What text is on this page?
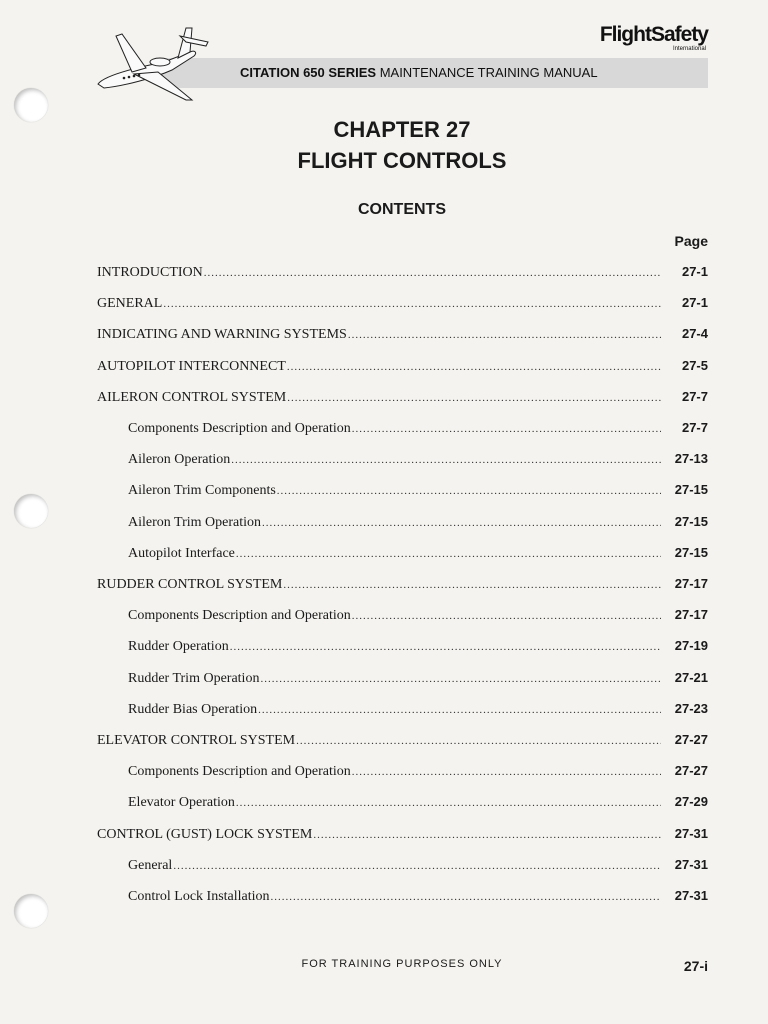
CITATION 650 SERIES MAINTENANCE TRAINING MANUAL
FlightSafety
International
CHAPTER 27
FLIGHT CONTROLS
CONTENTS
Page
INTRODUCTION .....	27-1
GENERAL .....	27-1
INDICATING AND WARNING SYSTEMS .....	27-4
AUTOPILOT INTERCONNECT .....	27-5
AILERON CONTROL SYSTEM .....	27-7
Components Description and Operation .....	27-7
Aileron Operation .....	27-13
Aileron Trim Components .....	27-15
Aileron Trim Operation .....	27-15
Autopilot Interface .....	27-15
RUDDER CONTROL SYSTEM .....	27-17
Components Description and Operation .....	27-17
Rudder Operation .....	27-19
Rudder Trim Operation .....	27-21
Rudder Bias Operation .....	27-23
ELEVATOR CONTROL SYSTEM .....	27-27
Components Description and Operation .....	27-27
Elevator Operation .....	27-29
CONTROL (GUST) LOCK SYSTEM .....	27-31
General .....	27-31
Control Lock Installation .....	27-31
FOR TRAINING PURPOSES ONLY	27-i
